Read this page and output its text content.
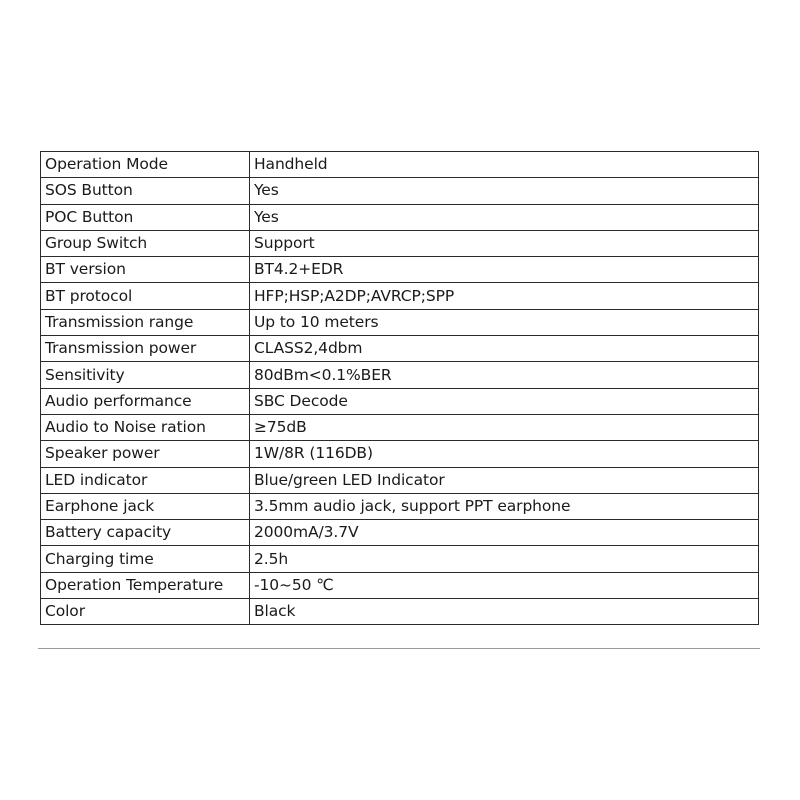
Operation Mode	Handheld
SOS Button	Yes
POC Button	Yes
Group Switch	Support
BT version	BT4.2+EDR
BT protocol	HFP;HSP;A2DP;AVRCP;SPP
Transmission range	Up to 10 meters
Transmission power	CLASS2,4dbm
Sensitivity	80dBm<0.1%BER
Audio performance	SBC Decode
Audio to Noise ration	≥75dB
Speaker power	1W/8R (116DB)
LED indicator	Blue/green LED Indicator
Earphone jack	3.5mm audio jack, support PPT earphone
Battery capacity	2000mA/3.7V
Charging time	2.5h
Operation Temperature	-10~50 ℃
Color	Black
